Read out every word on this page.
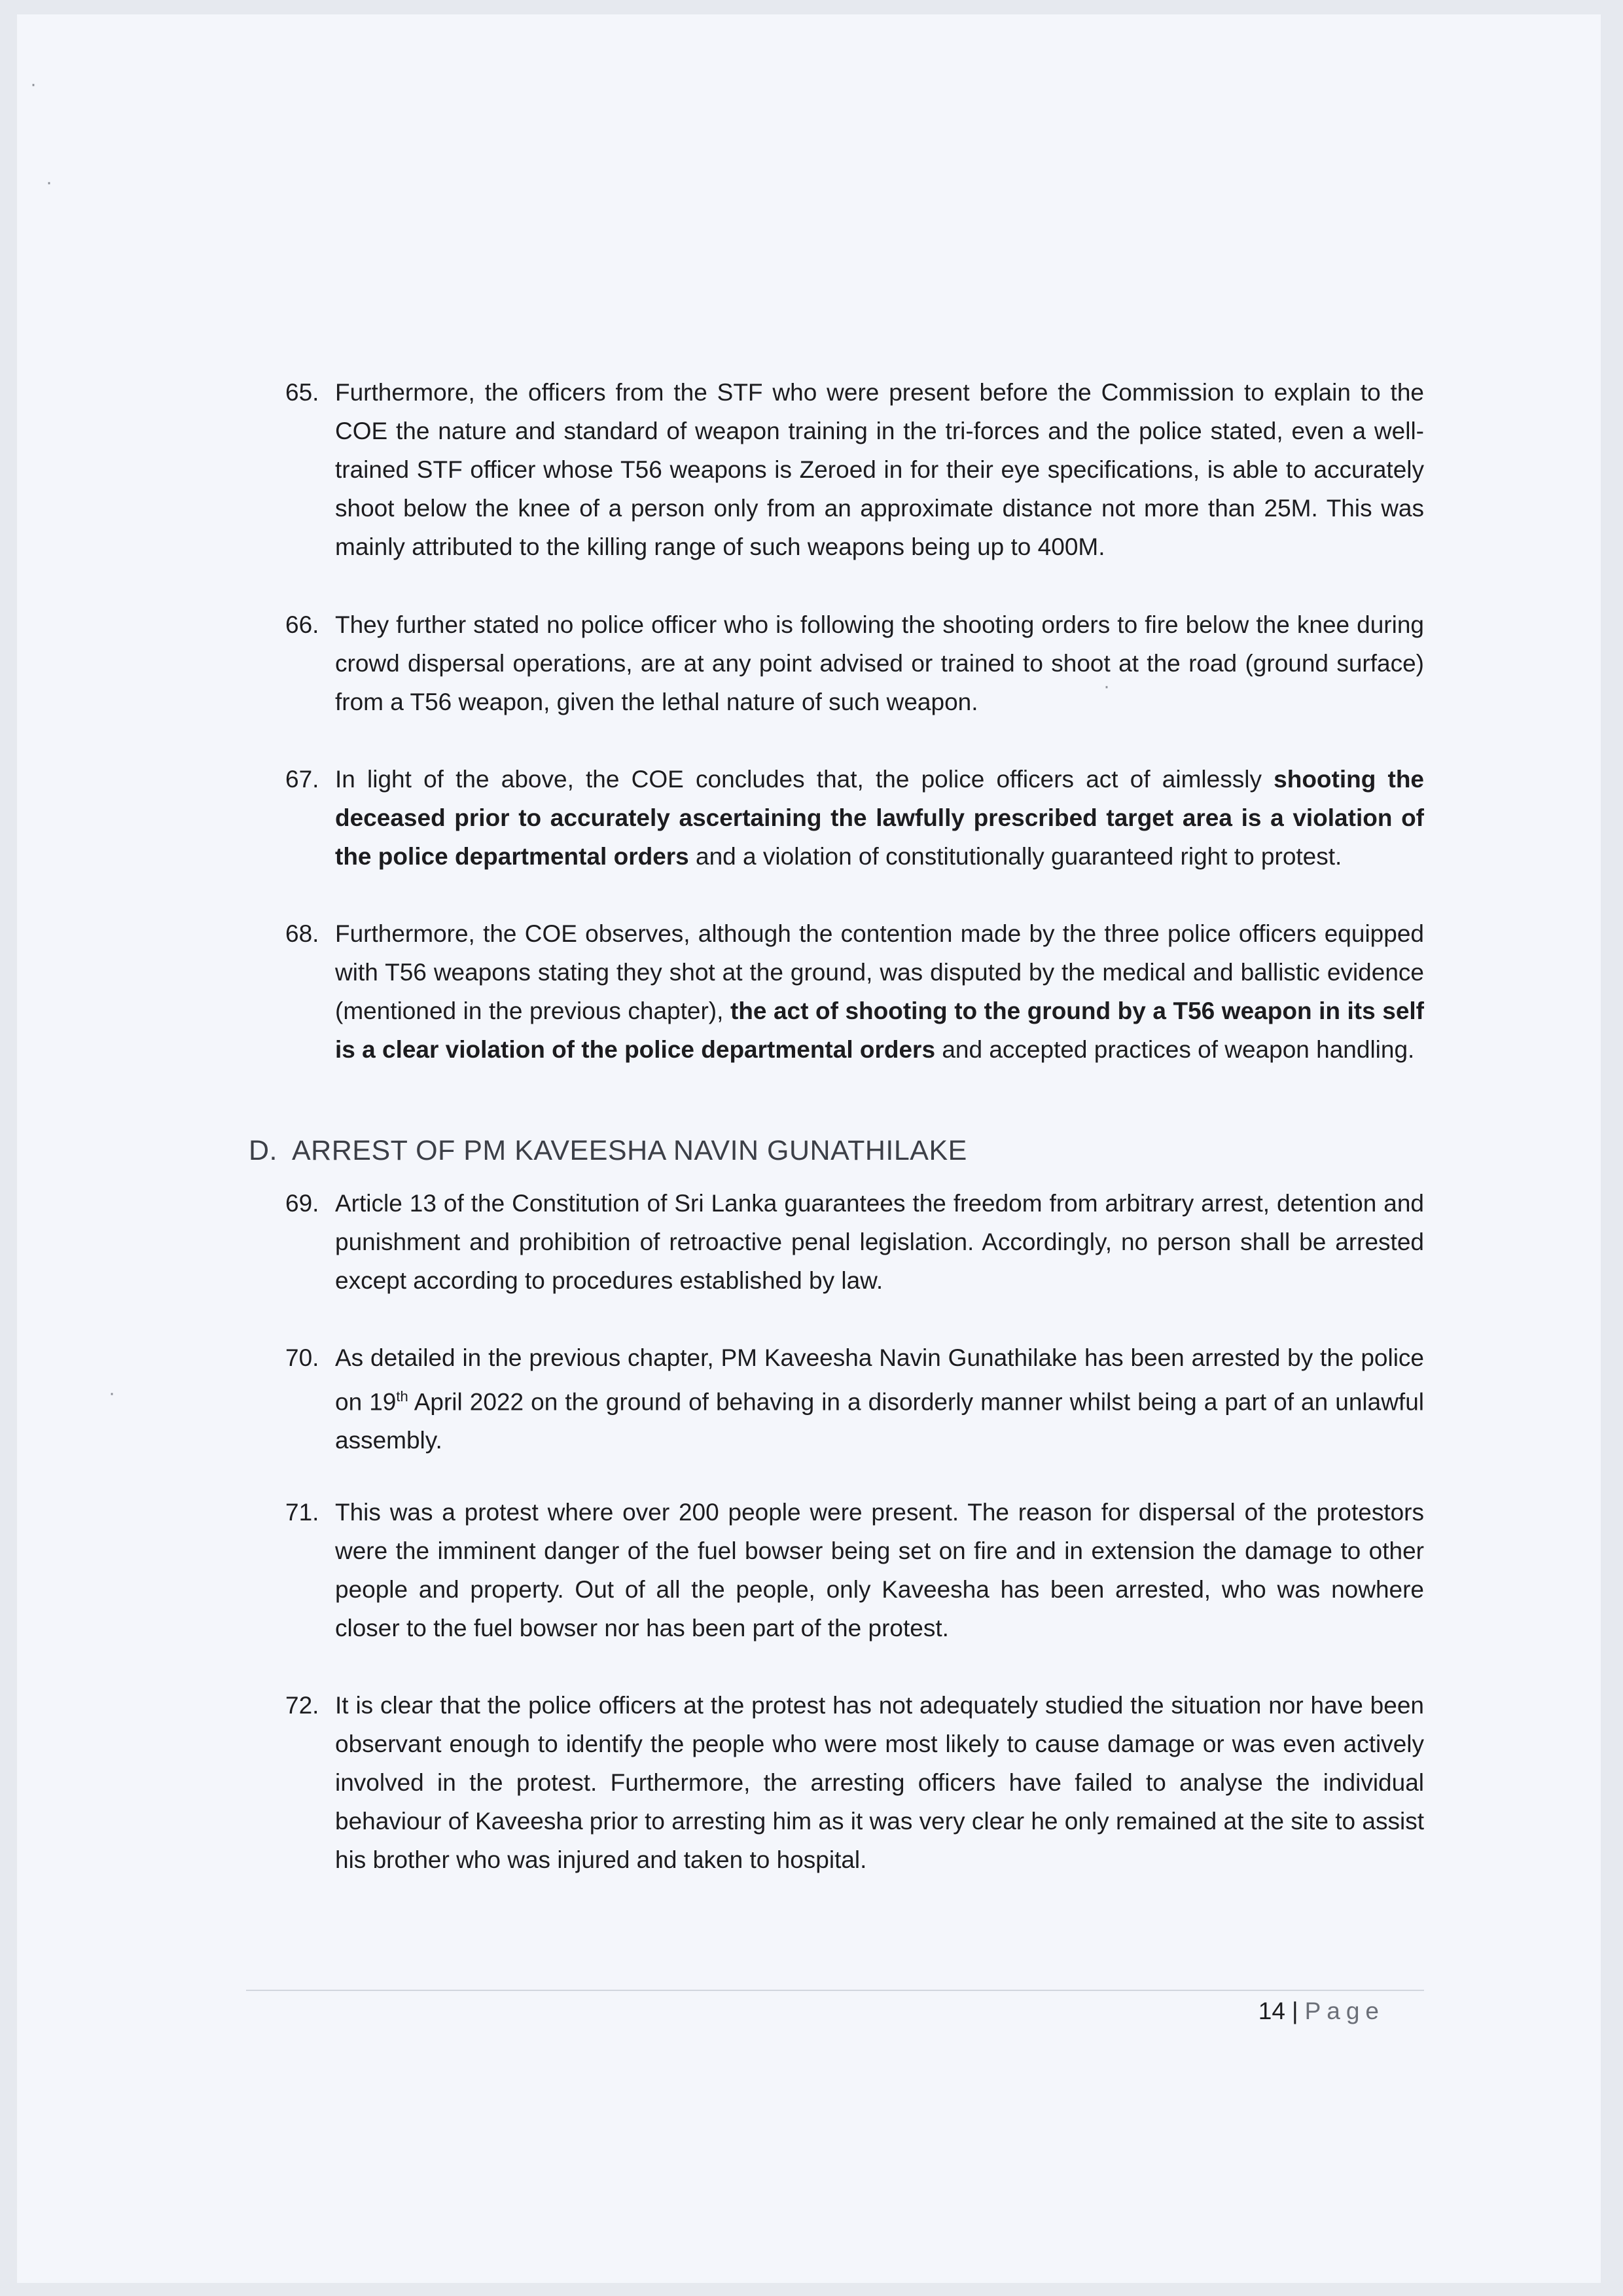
65. Furthermore, the officers from the STF who were present before the Commission to explain to the COE the nature and standard of weapon training in the tri-forces and the police stated, even a well-trained STF officer whose T56 weapons is Zeroed in for their eye specifications, is able to accurately shoot below the knee of a person only from an approximate distance not more than 25M. This was mainly attributed to the killing range of such weapons being up to 400M.
66. They further stated no police officer who is following the shooting orders to fire below the knee during crowd dispersal operations, are at any point advised or trained to shoot at the road (ground surface) from a T56 weapon, given the lethal nature of such weapon.
67. In light of the above, the COE concludes that, the police officers act of aimlessly shooting the deceased prior to accurately ascertaining the lawfully prescribed target area is a violation of the police departmental orders and a violation of constitutionally guaranteed right to protest.
68. Furthermore, the COE observes, although the contention made by the three police officers equipped with T56 weapons stating they shot at the ground, was disputed by the medical and ballistic evidence (mentioned in the previous chapter), the act of shooting to the ground by a T56 weapon in its self is a clear violation of the police departmental orders and accepted practices of weapon handling.
D. ARREST OF PM KAVEESHA NAVIN GUNATHILAKE
69. Article 13 of the Constitution of Sri Lanka guarantees the freedom from arbitrary arrest, detention and punishment and prohibition of retroactive penal legislation. Accordingly, no person shall be arrested except according to procedures established by law.
70. As detailed in the previous chapter, PM Kaveesha Navin Gunathilake has been arrested by the police on 19th April 2022 on the ground of behaving in a disorderly manner whilst being a part of an unlawful assembly.
71. This was a protest where over 200 people were present. The reason for dispersal of the protestors were the imminent danger of the fuel bowser being set on fire and in extension the damage to other people and property. Out of all the people, only Kaveesha has been arrested, who was nowhere closer to the fuel bowser nor has been part of the protest.
72. It is clear that the police officers at the protest has not adequately studied the situation nor have been observant enough to identify the people who were most likely to cause damage or was even actively involved in the protest. Furthermore, the arresting officers have failed to analyse the individual behaviour of Kaveesha prior to arresting him as it was very clear he only remained at the site to assist his brother who was injured and taken to hospital.
14 | Page
·
·
·
·
